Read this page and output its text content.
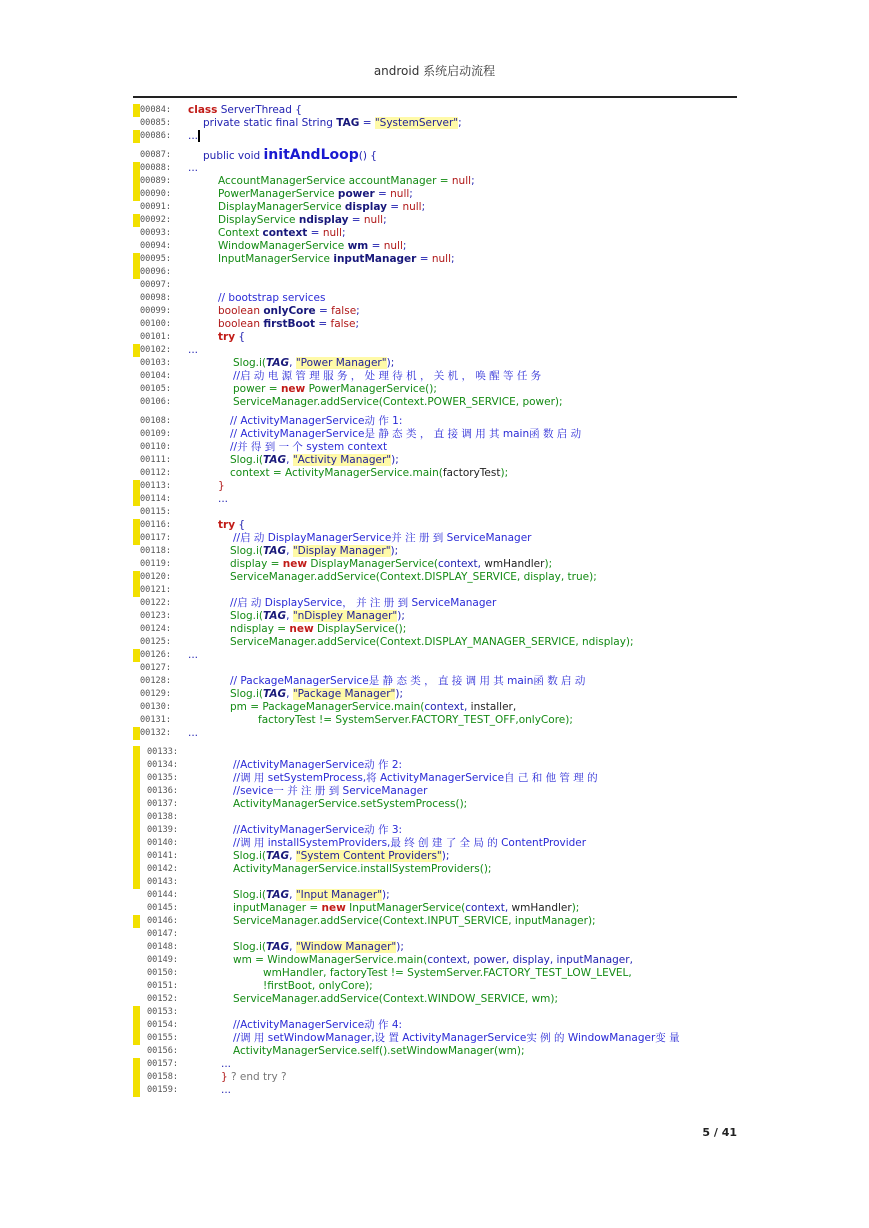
android 系统启动流程
00084: class ServerThread {
00085:	private static final String TAG = "SystemServer";
00086: ...
00087:	public void initAndLoop() {
00088: ...
00089:	AccountManagerService accountManager = null;
00090:	PowerManagerService power = null;
00091:	DisplayManagerService display = null;
00092:	DisplayService ndisplay = null;
00093:	Context context = null;
00094:	WindowManagerService wm = null;
00095:	InputManagerService inputManager = null;
00096:
00097:
00098:	// bootstrap services
00099:	boolean onlyCore = false;
00100:	boolean firstBoot = false;
00101:	try {
00102: ...
00103:	Slog.i(TAG, "Power Manager");
00104:	//启 动 电 源 管 理 服 务 ， 处 理 待 机 ， 关 机 ， 唤 醒 等 任 务
00105:	power = new PowerManagerService();
00106:	ServiceManager.addService(Context.POWER_SERVICE, power);
00108:	// ActivityManagerService动 作 1:
00109:	// ActivityManagerService是 静 态 类 ， 直 接 调 用 其 main函 数 启 动
00110:	//并 得 到 一 个 system context
00111:	Slog.i(TAG, "Activity Manager");
00112:	context = ActivityManagerService.main(factoryTest);
00113:	}
00114:	...
00115:
00116:	try {
00117:	//启 动 DisplayManagerService并 注 册 到 ServiceManager
00118:	Slog.i(TAG, "Display Manager");
00119:	display = new DisplayManagerService(context, wmHandler);
00120:	ServiceManager.addService(Context.DISPLAY_SERVICE, display, true);
00121:
00122:	//启 动 DisplayService， 并 注 册 到 ServiceManager
00123:	Slog.i(TAG, "nDispley Manager");
00124:	ndisplay = new DisplayService();
00125:	ServiceManager.addService(Context.DISPLAY_MANAGER_SERVICE, ndisplay);
00126: ...
00127:
00128:	// PackageManagerService是 静 态 类 ， 直 接 调 用 其 main函 数 启 动
00129:	Slog.i(TAG, "Package Manager");
00130:	pm = PackageManagerService.main(context, installer,
00131:	factoryTest != SystemServer.FACTORY_TEST_OFF,onlyCore);
00132: ...
00133:
00134:	//ActivityManagerService动 作 2:
00135:	//调 用 setSystemProcess,将 ActivityManagerService自 己 和 他 管 理 的
00136:	//sevice一 并 注 册 到 ServiceManager
00137:	ActivityManagerService.setSystemProcess();
00138:
00139:	//ActivityManagerService动 作 3:
00140:	//调 用 installSystemProviders,最 终 创 建 了 全 局 的 ContentProvider
00141:	Slog.i(TAG, "System Content Providers");
00142:	ActivityManagerService.installSystemProviders();
00143:
00144:	Slog.i(TAG, "Input Manager");
00145:	inputManager = new InputManagerService(context, wmHandler);
00146:	ServiceManager.addService(Context.INPUT_SERVICE, inputManager);
00147:
00148:	Slog.i(TAG, "Window Manager");
00149:	wm = WindowManagerService.main(context, power, display, inputManager,
00150:	wmHandler, factoryTest != SystemServer.FACTORY_TEST_LOW_LEVEL,
00151:	!firstBoot, onlyCore);
00152:	ServiceManager.addService(Context.WINDOW_SERVICE, wm);
00153:
00154:	//ActivityManagerService动 作 4:
00155:	//调 用 setWindowManager,设 置 ActivityManagerService实 例 的 WindowManager变 量
00156:	ActivityManagerService.self().setWindowManager(wm);
00157:	...
00158:	} ? end try ?
00159:	...
5 / 41
